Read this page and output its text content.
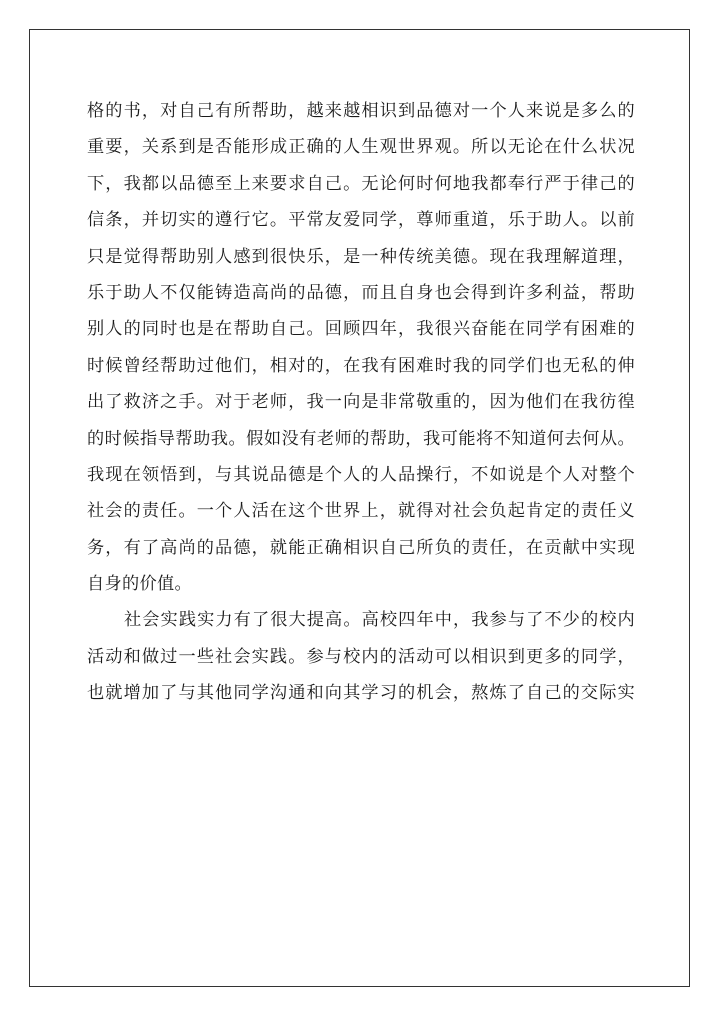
格的书，对自己有所帮助，越来越相识到品德对一个人来说是多么的
重要，关系到是否能形成正确的人生观世界观。所以无论在什么状况
下，我都以品德至上来要求自己。无论何时何地我都奉行严于律己的
信条，并切实的遵行它。平常友爱同学，尊师重道，乐于助人。以前
只是觉得帮助别人感到很快乐，是一种传统美德。现在我理解道理，
乐于助人不仅能铸造高尚的品德，而且自身也会得到许多利益，帮助
别人的同时也是在帮助自己。回顾四年，我很兴奋能在同学有困难的
时候曾经帮助过他们，相对的，在我有困难时我的同学们也无私的伸
出了救济之手。对于老师，我一向是非常敬重的，因为他们在我彷徨
的时候指导帮助我。假如没有老师的帮助，我可能将不知道何去何从。
我现在领悟到，与其说品德是个人的人品操行，不如说是个人对整个
社会的责任。一个人活在这个世界上，就得对社会负起肯定的责任义
务，有了高尚的品德，就能正确相识自己所负的责任，在贡献中实现
自身的价值。

社会实践实力有了很大提高。高校四年中，我参与了不少的校内
活动和做过一些社会实践。参与校内的活动可以相识到更多的同学，
也就增加了与其他同学沟通和向其学习的机会，熬炼了自己的交际实
